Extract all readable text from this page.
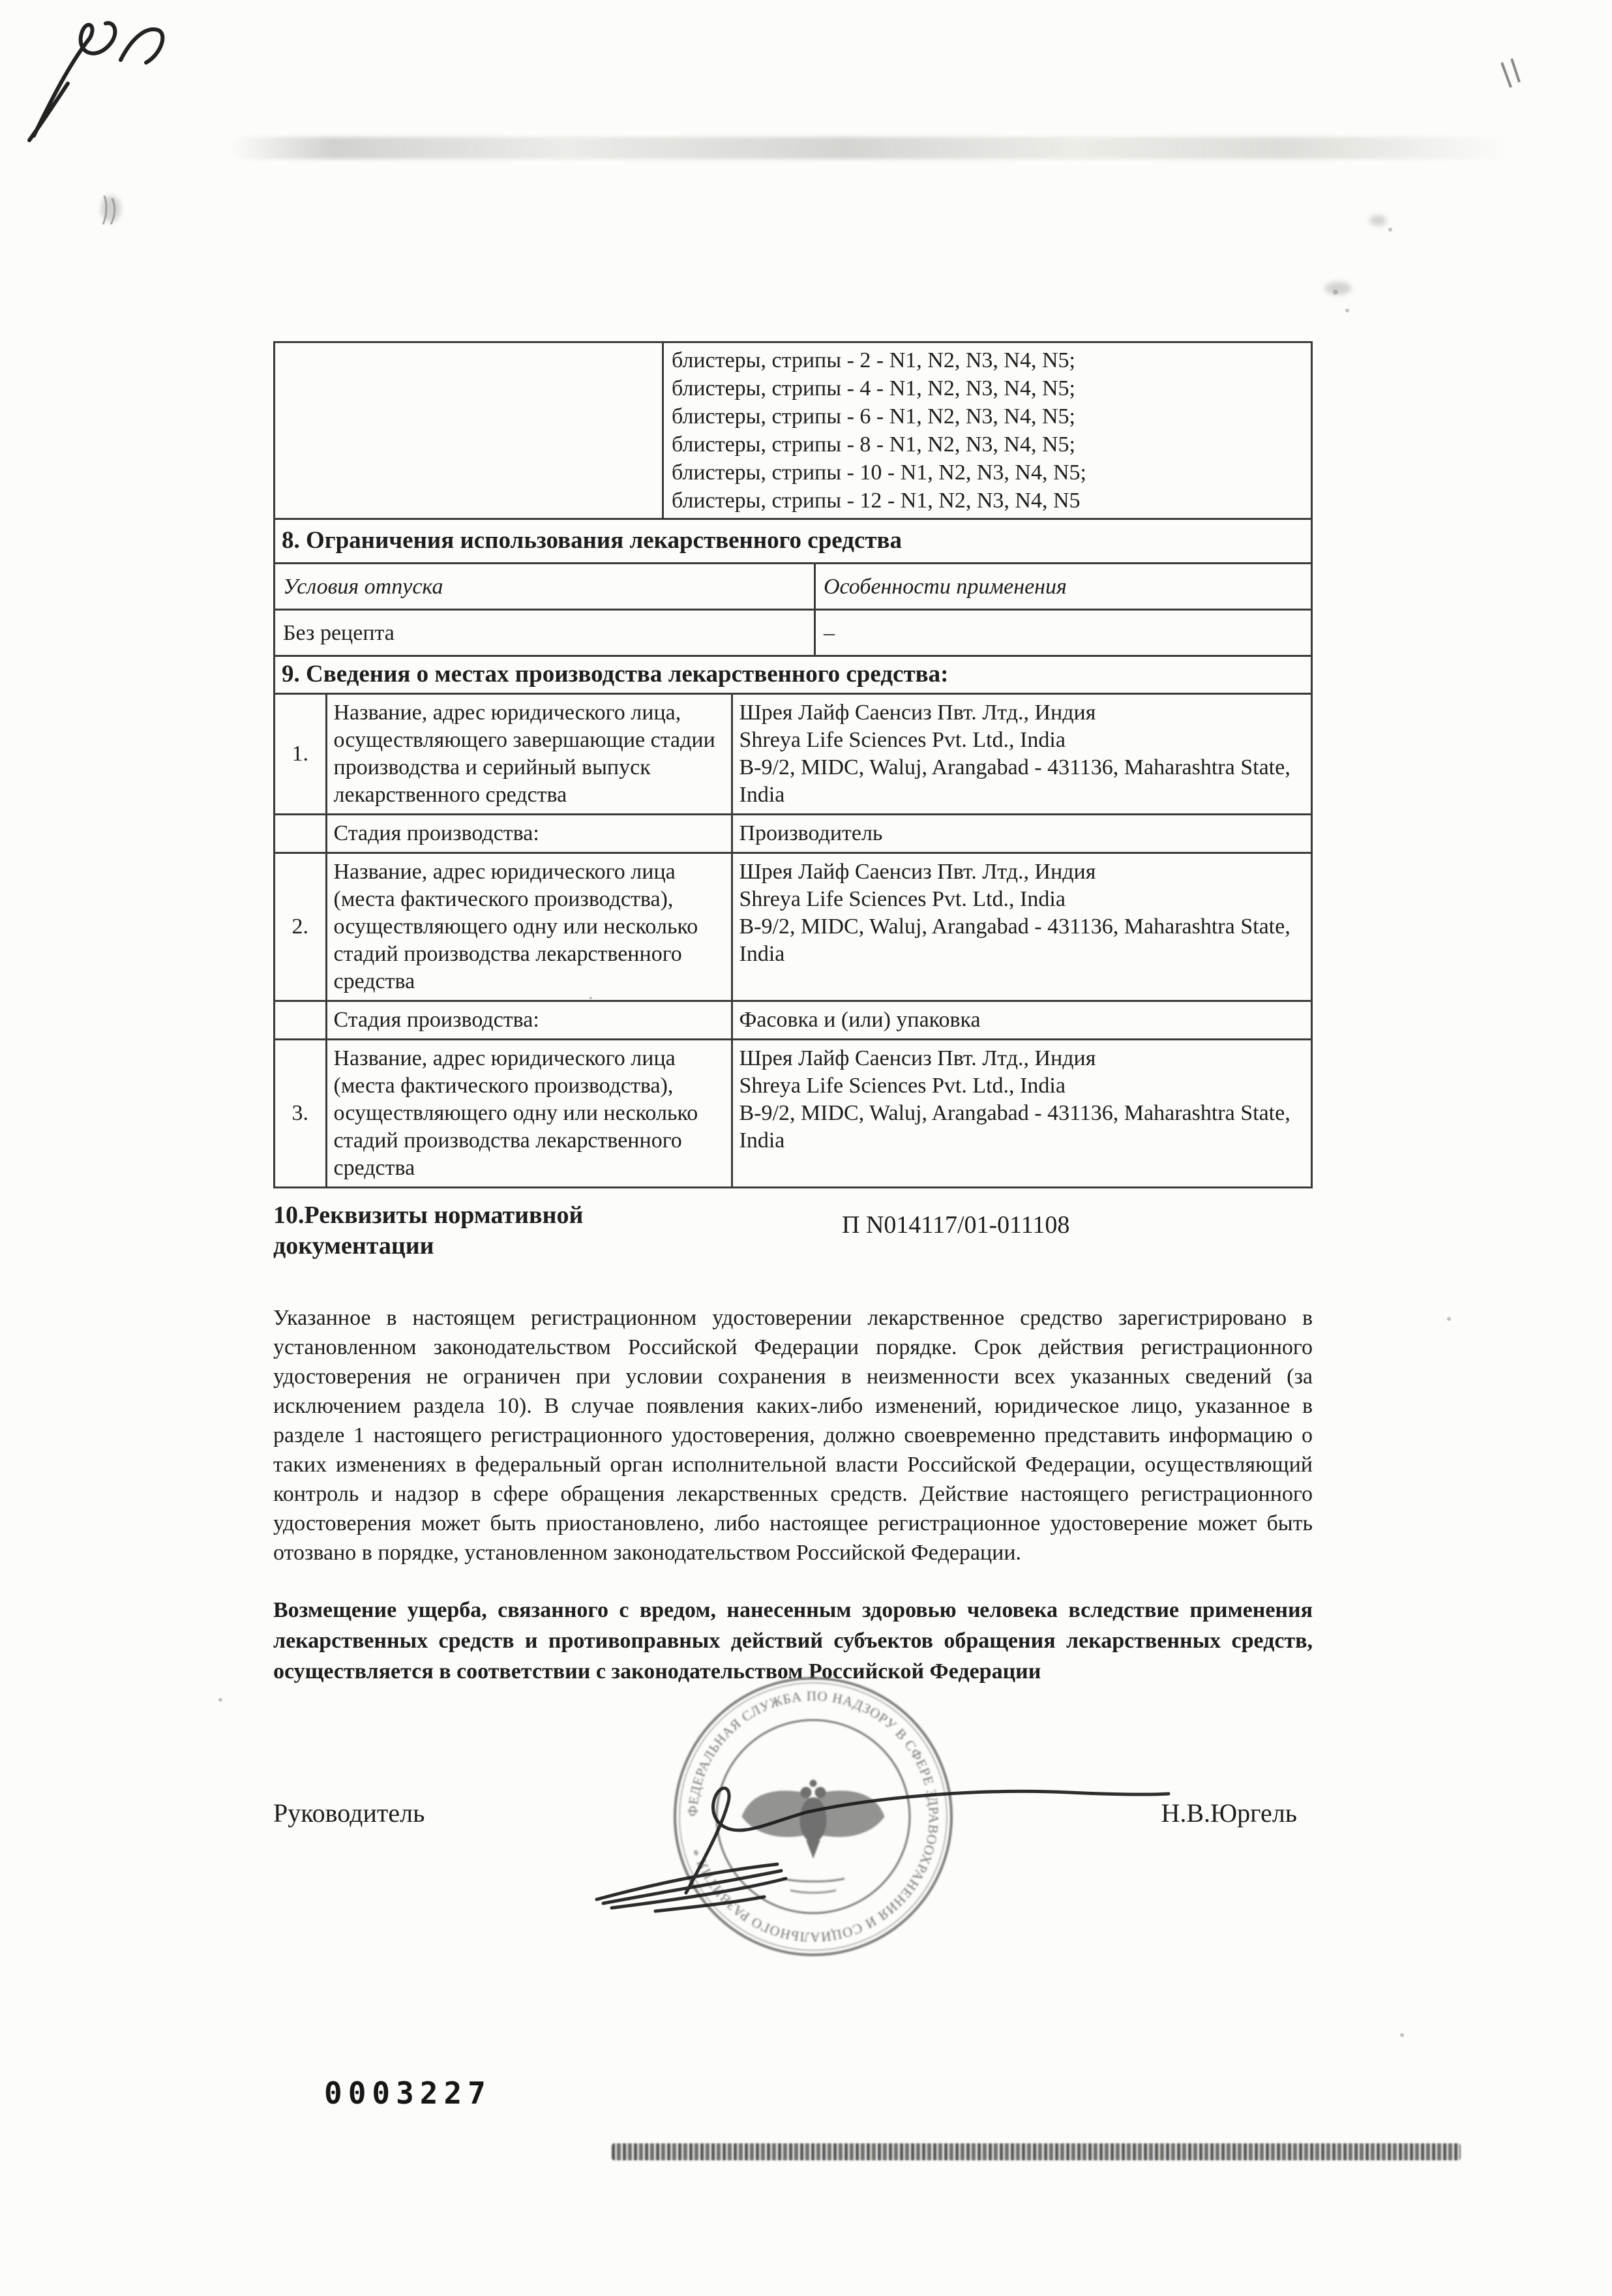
блистеры, стрипы - 2 - N1, N2, N3, N4, N5;
блистеры, стрипы - 4 - N1, N2, N3, N4, N5;
блистеры, стрипы - 6 - N1, N2, N3, N4, N5;
блистеры, стрипы - 8 - N1, N2, N3, N4, N5;
блистеры, стрипы - 10 - N1, N2, N3, N4, N5;
блистеры, стрипы - 12 - N1, N2, N3, N4, N5
8. Ограничения использования лекарственного средства
Условия отпуска	Особенности применения
Без рецепта	–
9. Сведения о местах производства лекарственного средства:
1.	Название, адрес юридического лица, осуществляющего завершающие стадии производства и серийный выпуск лекарственного средства	Шрея Лайф Саенсиз Пвт. Лтд., Индия
Shreya Life Sciences Pvt. Ltd., India
B-9/2, MIDC, Waluj, Arangabad - 431136, Maharashtra State, India

	Стадия производства:	Производитель
2.	Название, адрес юридического лица (места фактического производства), осуществляющего одну или несколько стадий производства лекарственного средства	Шрея Лайф Саенсиз Пвт. Лтд., Индия
Shreya Life Sciences Pvt. Ltd., India
B-9/2, MIDC, Waluj, Arangabad - 431136, Maharashtra State, India

	Стадия производства:	Фасовка и (или) упаковка
3.	Название, адрес юридического лица (места фактического производства), осуществляющего одну или несколько стадий производства лекарственного средства	Шрея Лайф Саенсиз Пвт. Лтд., Индия
Shreya Life Sciences Pvt. Ltd., India
B-9/2, MIDC, Waluj, Arangabad - 431136, Maharashtra State, India
10.Реквизиты нормативной документации
П N014117/01-011108
Указанное в настоящем регистрационном удостоверении лекарственное средство зарегистрировано в установленном законодательством Российской Федерации порядке. Срок действия регистрационного удостоверения не ограничен при условии сохранения в неизменности всех указанных сведений (за исключением раздела 10). В случае появления каких-либо изменений, юридическое лицо, указанное в разделе 1 настоящего регистрационного удостоверения, должно своевременно представить информацию о таких изменениях в федеральный орган исполнительной власти Российской Федерации, осуществляющий контроль и надзор в сфере обращения лекарственных средств. Действие настоящего регистрационного удостоверения может быть приостановлено, либо настоящее регистрационное удостоверение может быть отозвано в порядке, установленном законодательством Российской Федерации.
Возмещение ущерба, связанного с вредом, нанесенным здоровью человека вследствие применения лекарственных средств и противоправных действий субъектов обращения лекарственных средств, осуществляется в соответствии с законодательством Российской Федерации
Руководитель	Н.В.Юргель
0003227
ФЕДЕРАЛЬНАЯ СЛУЖБА ПО НАДЗОРУ В СФЕРЕ ЗДРАВООХРАНЕНИЯ И СОЦИАЛЬНОГО РАЗВИТИЯ *
